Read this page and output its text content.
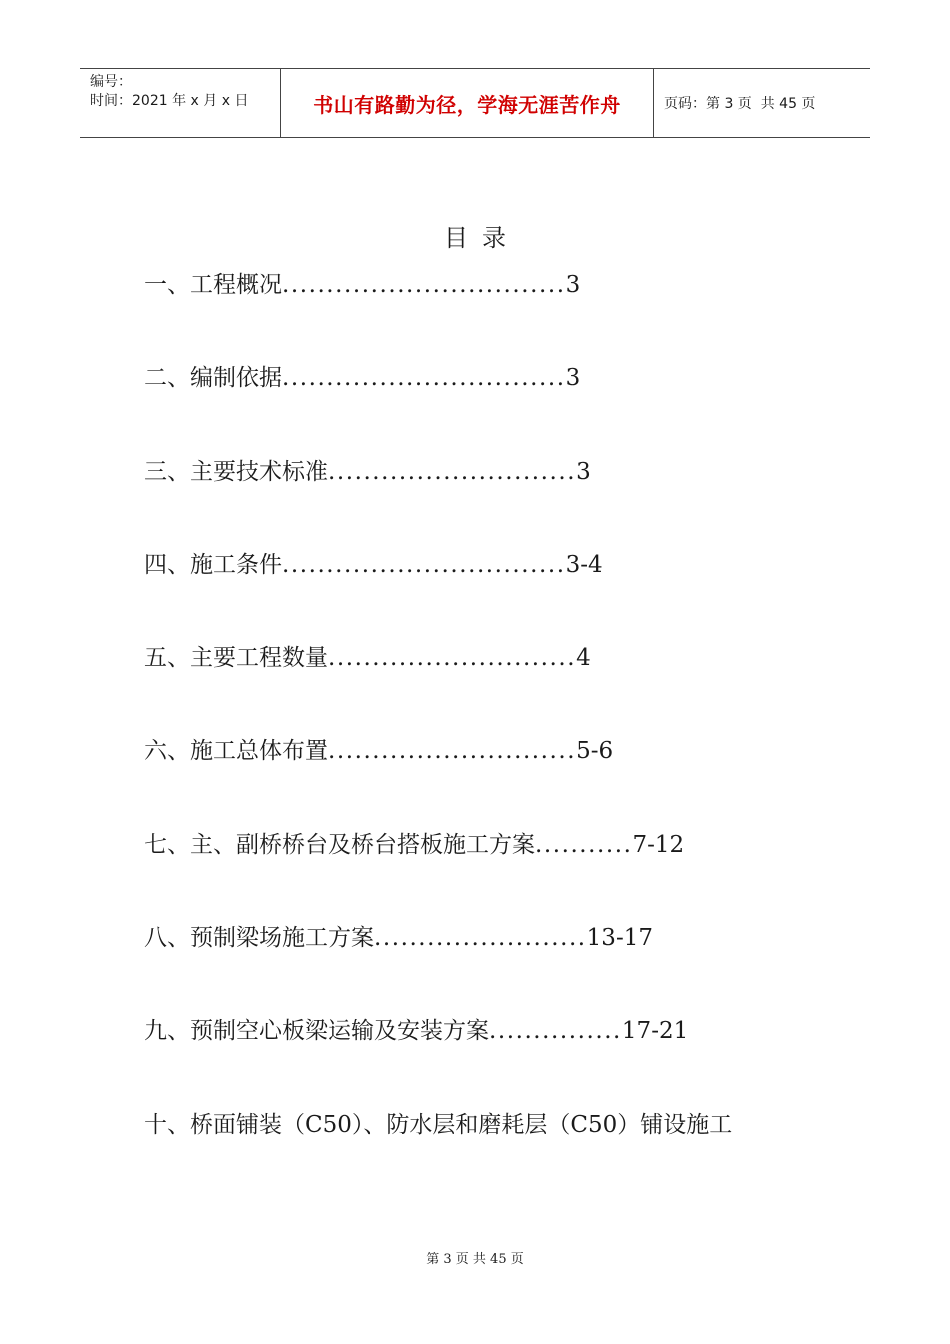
编号：
时间：2021 年 x 月 x 日	书山有路勤为径，学海无涯苦作舟	页码：第 3 页  共 45 页
目录
一、工程概况 ................................ 3
二、编制依据 ................................ 3
三、主要技术标准 ............................ 3
四、施工条件 ................................ 3-4
五、主要工程数量 ............................ 4
六、施工总体布置 ............................ 5-6
七、主、副桥桥台及桥台搭板施工方案 ........... 7-12
八、预制梁场施工方案 ........................ 13-17
九、预制空心板梁运输及安装方案 ............... 17-21
十、桥面铺装（C50）、防水层和磨耗层（C50）铺设施工
第 3 页 共 45 页
